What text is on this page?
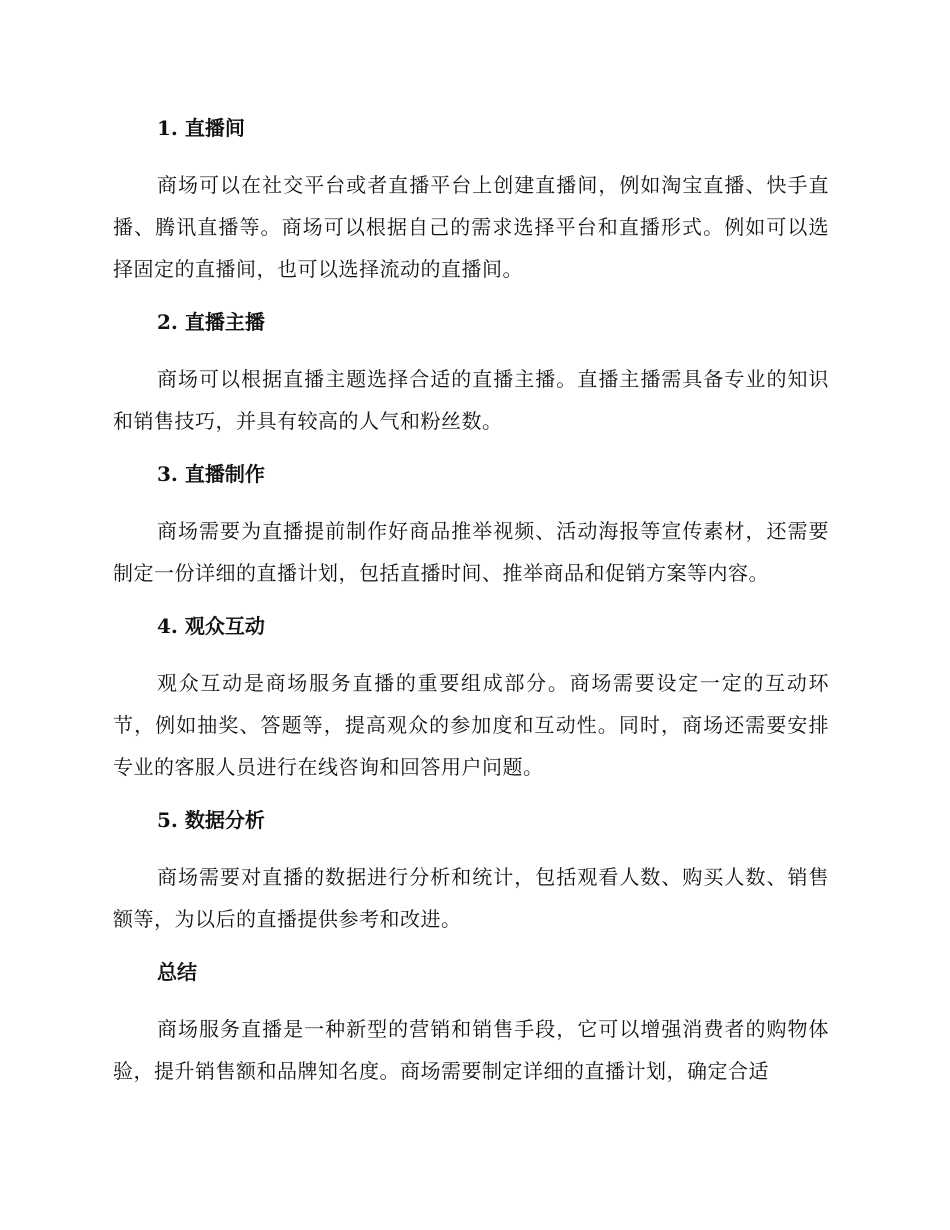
1. 直播间

商场可以在社交平台或者直播平台上创建直播间，例如淘宝直播、快手直播、腾讯直播等。商场可以根据自己的需求选择平台和直播形式。例如可以选择固定的直播间，也可以选择流动的直播间。

2. 直播主播

商场可以根据直播主题选择合适的直播主播。直播主播需具备专业的知识和销售技巧，并具有较高的人气和粉丝数。

3. 直播制作

商场需要为直播提前制作好商品推举视频、活动海报等宣传素材，还需要制定一份详细的直播计划，包括直播时间、推举商品和促销方案等内容。

4. 观众互动

观众互动是商场服务直播的重要组成部分。商场需要设定一定的互动环节，例如抽奖、答题等，提高观众的参加度和互动性。同时，商场还需要安排专业的客服人员进行在线咨询和回答用户问题。

5. 数据分析

商场需要对直播的数据进行分析和统计，包括观看人数、购买人数、销售额等，为以后的直播提供参考和改进。

总结

商场服务直播是一种新型的营销和销售手段，它可以增强消费者的购物体验，提升销售额和品牌知名度。商场需要制定详细的直播计划，确定合适
